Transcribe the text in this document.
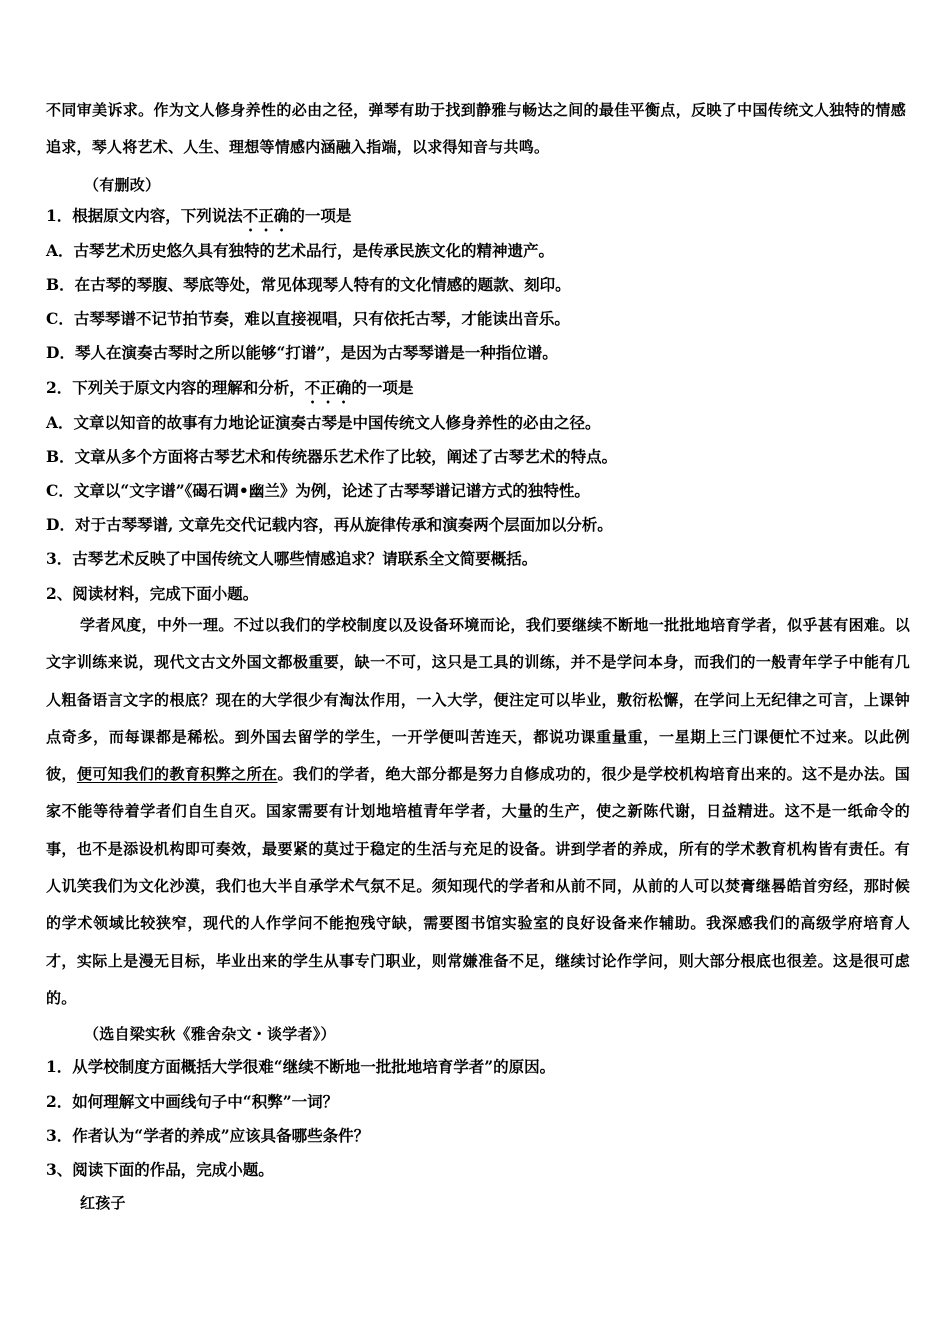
不同审美诉求。作为文人修身养性的必由之径，弹琴有助于找到静雅与畅达之间的最佳平衡点，反映了中国传统文人独特的情感追求，琴人将艺术、人生、理想等情感内涵融入指端，以求得知音与共鸣。
（有删改）
1．根据原文内容，下列说法不正确的一项是
A．古琴艺术历史悠久具有独特的艺术品行，是传承民族文化的精神遗产。
B．在古琴的琴腹、琴底等处，常见体现琴人特有的文化情感的题款、刻印。
C．古琴琴谱不记节拍节奏，难以直接视唱，只有依托古琴，才能读出音乐。
D．琴人在演奏古琴时之所以能够“打谱”，是因为古琴琴谱是一种指位谱。
2．下列关于原文内容的理解和分析，不正确的一项是
A．文章以知音的故事有力地论证演奏古琴是中国传统文人修身养性的必由之径。
B．文章从多个方面将古琴艺术和传统器乐艺术作了比较，阐述了古琴艺术的特点。
C．文章以“文字谱”《碣石调•幽兰》为例，论述了古琴琴谱记谱方式的独特性。
D．对于古琴琴谱, 文章先交代记载内容，再从旋律传承和演奏两个层面加以分析。
3．古琴艺术反映了中国传统文人哪些情感追求？请联系全文简要概括。
2、阅读材料，完成下面小题。
学者风度，中外一理。不过以我们的学校制度以及设备环境而论，我们要继续不断地一批批地培育学者，似乎甚有困难。以文字训练来说，现代文古文外国文都极重要，缺一不可，这只是工具的训练，并不是学问本身，而我们的一般青年学子中能有几人粗备语言文字的根底？现在的大学很少有淘汰作用，一入大学，便注定可以毕业，敷衍松懈，在学问上无纪律之可言，上课钟点奇多，而每课都是稀松。到外国去留学的学生，一开学便叫苦连天，都说功课重量重，一星期上三门课便忙不过来。以此例彼，便可知我们的教育积弊之所在。我们的学者，绝大部分都是努力自修成功的，很少是学校机构培育出来的。这不是办法。国家不能等待着学者们自生自灭。国家需要有计划地培植青年学者，大量的生产，使之新陈代谢，日益精进。这不是一纸命令的事，也不是添设机构即可奏效，最要紧的莫过于稳定的生活与充足的设备。讲到学者的养成，所有的学术教育机构皆有责任。有人讥笑我们为文化沙漠，我们也大半自承学术气氛不足。须知现代的学者和从前不同，从前的人可以焚膏继晷皓首穷经，那时候的学术领域比较狭窄，现代的人作学问不能抱残守缺，需要图书馆实验室的良好设备来作辅助。我深感我们的高级学府培育人才，实际上是漫无目标，毕业出来的学生从事专门职业，则常嫌准备不足，继续讨论作学问，则大部分根底也很差。这是很可虑的。
（选自梁实秋《雅舍杂文・谈学者》）
1．从学校制度方面概括大学很难“继续不断地一批批地培育学者”的原因。
2．如何理解文中画线句子中“积弊”一词？
3．作者认为“学者的养成”应该具备哪些条件？
3、阅读下面的作品，完成小题。
红孩子
